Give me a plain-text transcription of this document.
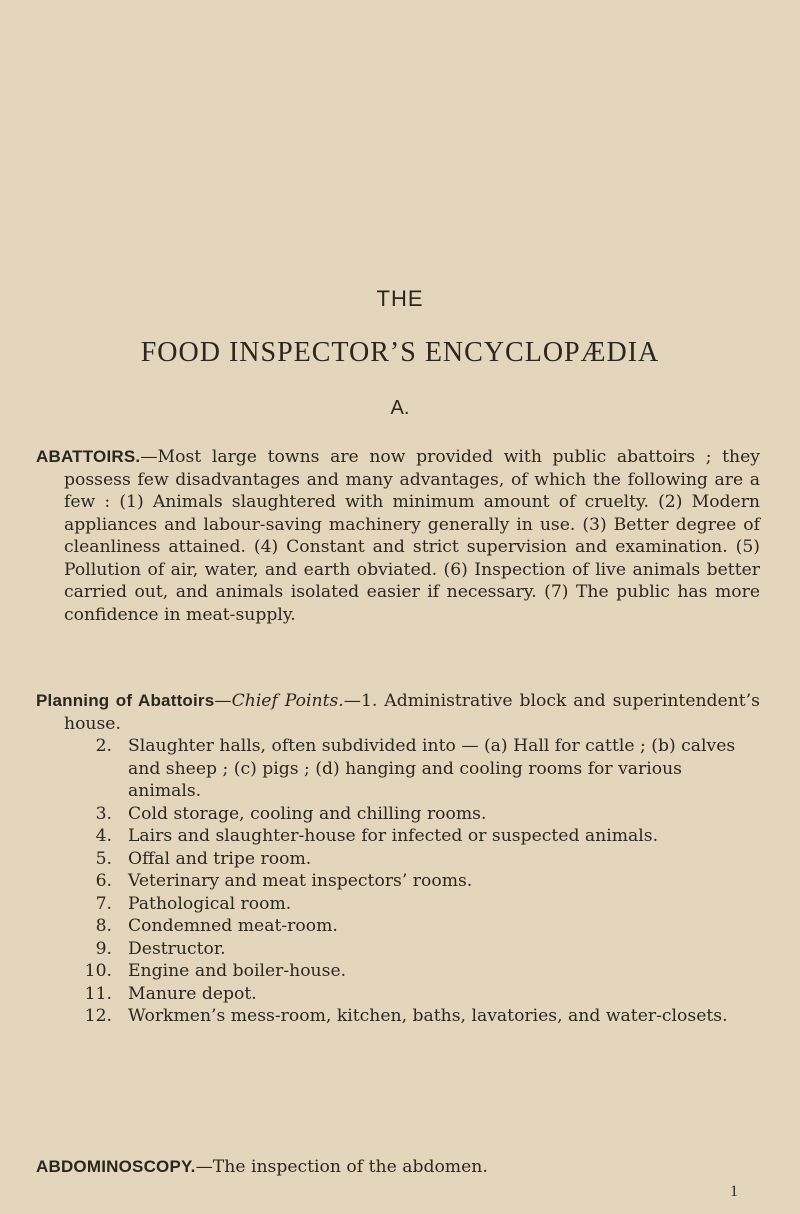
THE
FOOD INSPECTOR’S ENCYCLOPÆDIA
A.

ABATTOIRS.—Most large towns are now provided with public abattoirs ; they possess few disadvantages and many advantages, of which the following are a few : (1) Animals slaughtered with minimum amount of cruelty. (2) Modern appliances and labour-saving machinery generally in use. (3) Better degree of cleanliness attained. (4) Constant and strict supervision and examination. (5) Pollution of air, water, and earth obviated. (6) Inspection of live animals better carried out, and animals isolated easier if necessary. (7) The public has more confidence in meat-supply.

Planning of Abattoirs—Chief Points.—1. Administrative block and superintendent’s house.

2. Slaughter halls, often subdivided into — (a) Hall for cattle ; (b) calves and sheep ; (c) pigs ; (d) hanging and cooling rooms for various animals.
3. Cold storage, cooling and chilling rooms.
4. Lairs and slaughter-house for infected or suspected animals.
5. Offal and tripe room.
6. Veterinary and meat inspectors’ rooms.
7. Pathological room.
8. Condemned meat-room.
9. Destructor.
10. Engine and boiler-house.
11. Manure depot.
12. Workmen’s mess-room, kitchen, baths, lavatories, and water-closets.

ABDOMINOSCOPY.—The inspection of the abdomen.

1
